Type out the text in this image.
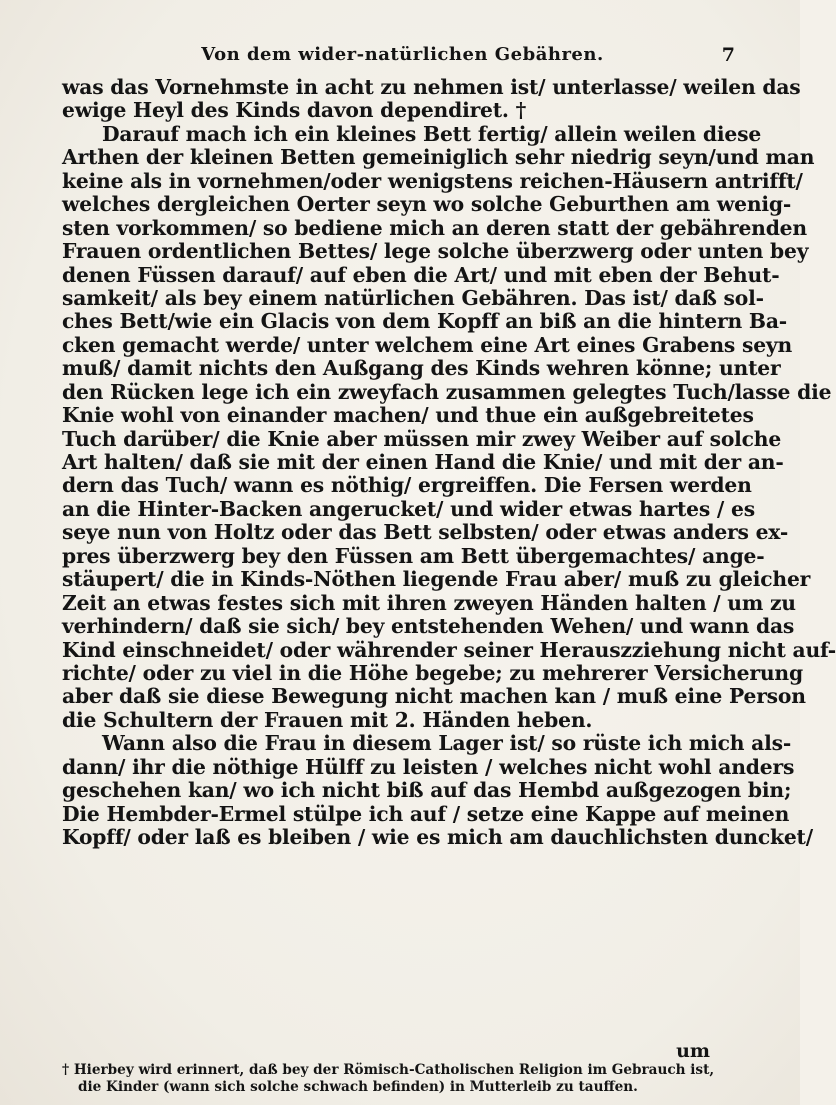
Von dem wider-natürlichen Gebähren.	7
was das Vornehmste in acht zu nehmen ist/ unterlasse/ weilen das
ewige Heyl des Kinds davon dependiret. †
Darauf mach ich ein kleines Bett fertig/ allein weilen diese
Arthen der kleinen Betten gemeiniglich sehr niedrig seyn/und man
keine als in vornehmen/oder wenigstens reichen-Häusern antrifft/
welches dergleichen Oerter seyn wo solche Geburthen am wenig-
sten vorkommen/ so bediene mich an deren statt der gebährenden
Frauen ordentlichen Bettes/ lege solche überzwerg oder unten bey
denen Füssen darauf/ auf eben die Art/ und mit eben der Behut-
samkeit/ als bey einem natürlichen Gebähren. Das ist/ daß sol-
ches Bett/wie ein Glacis von dem Kopff an biß an die hintern Ba-
cken gemacht werde/ unter welchem eine Art eines Grabens seyn
muß/ damit nichts den Außgang des Kinds wehren könne; unter
den Rücken lege ich ein zweyfach zusammen gelegtes Tuch/lasse die
Knie wohl von einander machen/ und thue ein außgebreitetes
Tuch darüber/ die Knie aber müssen mir zwey Weiber auf solche
Art halten/ daß sie mit der einen Hand die Knie/ und mit der an-
dern das Tuch/ wann es nöthig/ ergreiffen. Die Fersen werden
an die Hinter-Backen angerucket/ und wider etwas hartes / es
seye nun von Holtz oder das Bett selbsten/ oder etwas anders ex-
pres überzwerg bey den Füssen am Bett übergemachtes/ ange-
stäupert/ die in Kinds-Nöthen liegende Frau aber/ muß zu gleicher
Zeit an etwas festes sich mit ihren zweyen Händen halten / um zu
verhindern/ daß sie sich/ bey entstehenden Wehen/ und wann das
Kind einschneidet/ oder währender seiner Herauszziehung nicht auf-
richte/ oder zu viel in die Höhe begebe; zu mehrerer Versicherung
aber daß sie diese Bewegung nicht machen kan / muß eine Person
die Schultern der Frauen mit 2. Händen heben.
Wann also die Frau in diesem Lager ist/ so rüste ich mich als-
dann/ ihr die nöthige Hülff zu leisten / welches nicht wohl anders
geschehen kan/ wo ich nicht biß auf das Hembd außgezogen bin;
Die Hembder-Ermel stülpe ich auf / setze eine Kappe auf meinen
Kopff/ oder laß es bleiben / wie es mich am dauchlichsten duncket/
um
† Hierbey wird erinnert, daß bey der Römisch-Catholischen Religion im Gebrauch ist,
die Kinder (wann sich solche schwach befinden) in Mutterleib zu tauffen.
